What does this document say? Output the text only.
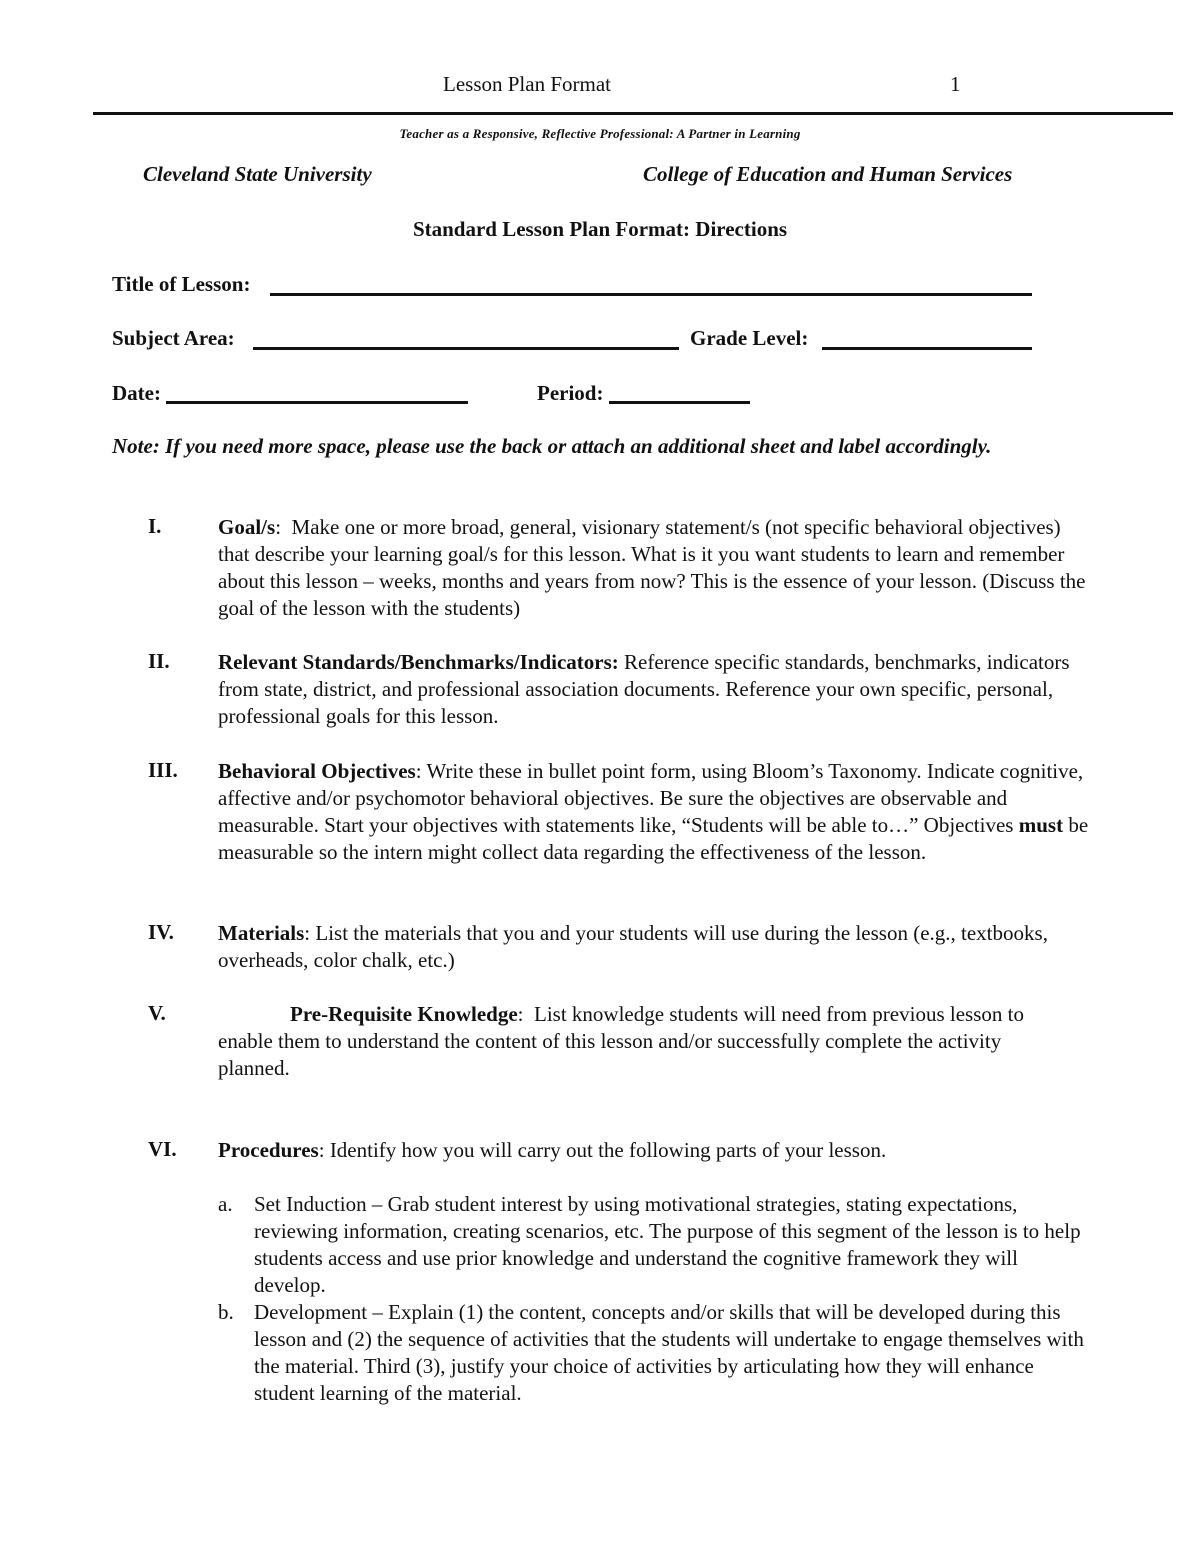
Lesson Plan Format	1
Teacher as a Responsive, Reflective Professional: A Partner in Learning
Cleveland State University	College of Education and Human Services
Standard Lesson Plan Format: Directions
Title of Lesson:
Subject Area:	Grade Level:
Date:	Period:
Note: If you need more space, please use the back or attach an additional sheet and label accordingly.
I.	Goal/s:  Make one or more broad, general, visionary statement/s (not specific behavioral objectives) that describe your learning goal/s for this lesson. What is it you want students to learn and remember about this lesson – weeks, months and years from now? This is the essence of your lesson. (Discuss the goal of the lesson with the students)
II. Relevant Standards/Benchmarks/Indicators: Reference specific standards, benchmarks, indicators from state, district, and professional association documents. Reference your own specific, personal, professional goals for this lesson.
III. Behavioral Objectives: Write these in bullet point form, using Bloom’s Taxonomy. Indicate cognitive, affective and/or psychomotor behavioral objectives. Be sure the objectives are observable and measurable. Start your objectives with statements like, “Students will be able to…” Objectives must be measurable so the intern might collect data regarding the effectiveness of the lesson.
IV. Materials: List the materials that you and your students will use during the lesson (e.g., textbooks, overheads, color chalk, etc.)
V.	Pre-Requisite Knowledge:  List knowledge students will need from previous lesson to
enable them to understand the content of this lesson and/or successfully complete the activity planned.
VI. Procedures: Identify how you will carry out the following parts of your lesson.
a. Set Induction – Grab student interest by using motivational strategies, stating expectations, reviewing information, creating scenarios, etc. The purpose of this segment of the lesson is to help students access and use prior knowledge and understand the cognitive framework they will develop.
b. Development – Explain (1) the content, concepts and/or skills that will be developed during this lesson and (2) the sequence of activities that the students will undertake to engage themselves with the material. Third (3), justify your choice of activities by articulating how they will enhance student learning of the material.
